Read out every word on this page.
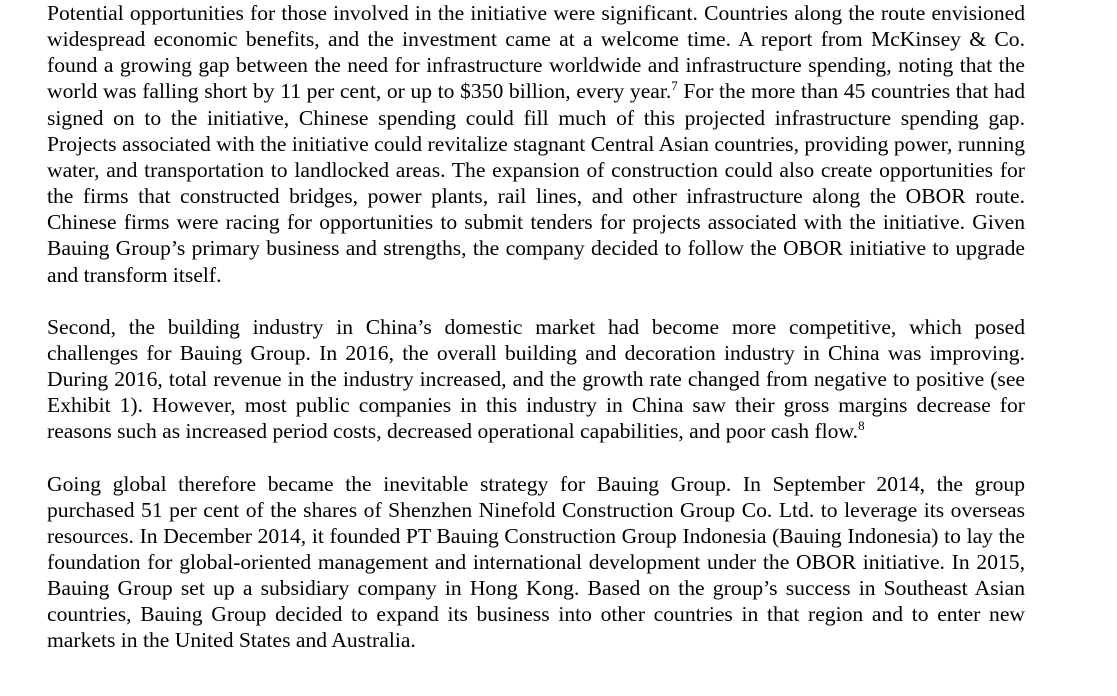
Potential opportunities for those involved in the initiative were significant. Countries along the route envisioned widespread economic benefits, and the investment came at a welcome time. A report from McKinsey & Co. found a growing gap between the need for infrastructure worldwide and infrastructure spending, noting that the world was falling short by 11 per cent, or up to $350 billion, every year.$^7$ For the more than 45 countries that had signed on to the initiative, Chinese spending could fill much of this projected infrastructure spending gap. Projects associated with the initiative could revitalize stagnant Central Asian countries, providing power, running water, and transportation to landlocked areas. The expansion of construction could also create opportunities for the firms that constructed bridges, power plants, rail lines, and other infrastructure along the OBOR route. Chinese firms were racing for opportunities to submit tenders for projects associated with the initiative. Given Bauing Group’s primary business and strengths, the company decided to follow the OBOR initiative to upgrade and transform itself.

Second, the building industry in China’s domestic market had become more competitive, which posed challenges for Bauing Group. In 2016, the overall building and decoration industry in China was improving. During 2016, total revenue in the industry increased, and the growth rate changed from negative to positive (see Exhibit 1). However, most public companies in this industry in China saw their gross margins decrease for reasons such as increased period costs, decreased operational capabilities, and poor cash flow.$^8$

Going global therefore became the inevitable strategy for Bauing Group. In September 2014, the group purchased 51 per cent of the shares of Shenzhen Ninefold Construction Group Co. Ltd. to leverage its overseas resources. In December 2014, it founded PT Bauing Construction Group Indonesia (Bauing Indonesia) to lay the foundation for global-oriented management and international development under the OBOR initiative. In 2015, Bauing Group set up a subsidiary company in Hong Kong. Based on the group’s success in Southeast Asian countries, Bauing Group decided to expand its business into other countries in that region and to enter new markets in the United States and Australia.
